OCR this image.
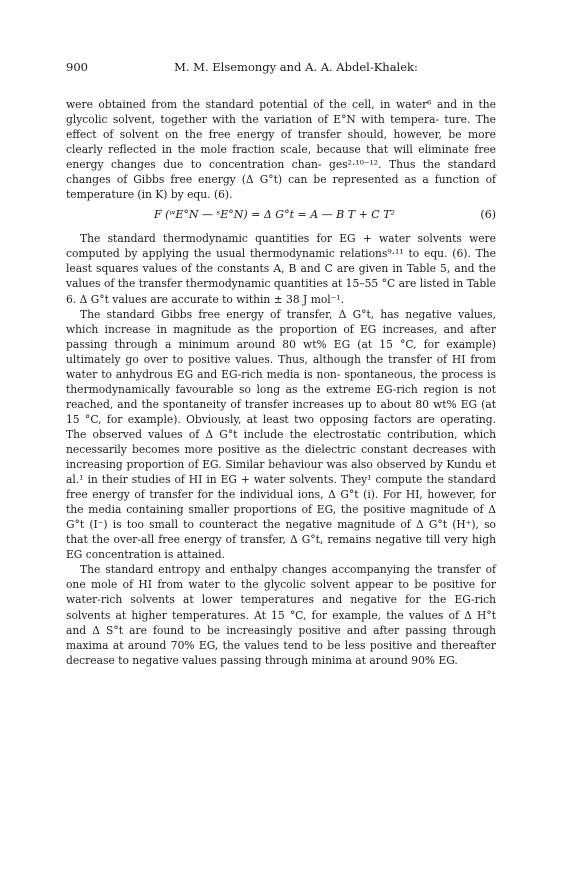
900	M. M. Elsemongy and A. A. Abdel-Khalek:

were obtained from the standard potential of the cell, in water⁶ and in the glycolic solvent, together with the variation of E°N with tempera- ture. The effect of solvent on the free energy of transfer should, however, be more clearly reflected in the mole fraction scale, because that will eliminate free energy changes due to concentration chan- ges²·¹⁰⁻¹². Thus the standard changes of Gibbs free energy (Δ G°t) can be represented as a function of temperature (in K) by equ. (6).

F (ʷE°N — ˢE°N) = Δ G°t = A — B T + C T²	(6)

The standard thermodynamic quantities for EG + water solvents were computed by applying the usual thermodynamic relations⁹·¹¹ to equ. (6). The least squares values of the constants A, B and C are given in Table 5, and the values of the transfer thermodynamic quantities at 15–55 °C are listed in Table 6. Δ G°t values are accurate to within ± 38 J mol⁻¹.

The standard Gibbs free energy of transfer, Δ G°t, has negative values, which increase in magnitude as the proportion of EG increases, and after passing through a minimum around 80 wt% EG (at 15 °C, for example) ultimately go over to positive values. Thus, although the transfer of HI from water to anhydrous EG and EG-rich media is non- spontaneous, the process is thermodynamically favourable so long as the extreme EG-rich region is not reached, and the spontaneity of transfer increases up to about 80 wt% EG (at 15 °C, for example). Obviously, at least two opposing factors are operating. The observed values of Δ G°t include the electrostatic contribution, which necessarily becomes more positive as the dielectric constant decreases with increasing proportion of EG. Similar behaviour was also observed by Kundu et al.¹ in their studies of HI in EG + water solvents. They¹ compute the standard free energy of transfer for the individual ions, Δ G°t (i). For HI, however, for the media containing smaller proportions of EG, the positive magnitude of Δ G°t (I⁻) is too small to counteract the negative magnitude of Δ G°t (H⁺), so that the over-all free energy of transfer, Δ G°t, remains negative till very high EG concentration is attained.

The standard entropy and enthalpy changes accompanying the transfer of one mole of HI from water to the glycolic solvent appear to be positive for water-rich solvents at lower temperatures and negative for the EG-rich solvents at higher temperatures. At 15 °C, for example, the values of Δ H°t and Δ S°t are found to be increasingly positive and after passing through maxima at around 70% EG, the values tend to be less positive and thereafter decrease to negative values passing through minima at around 90% EG.
